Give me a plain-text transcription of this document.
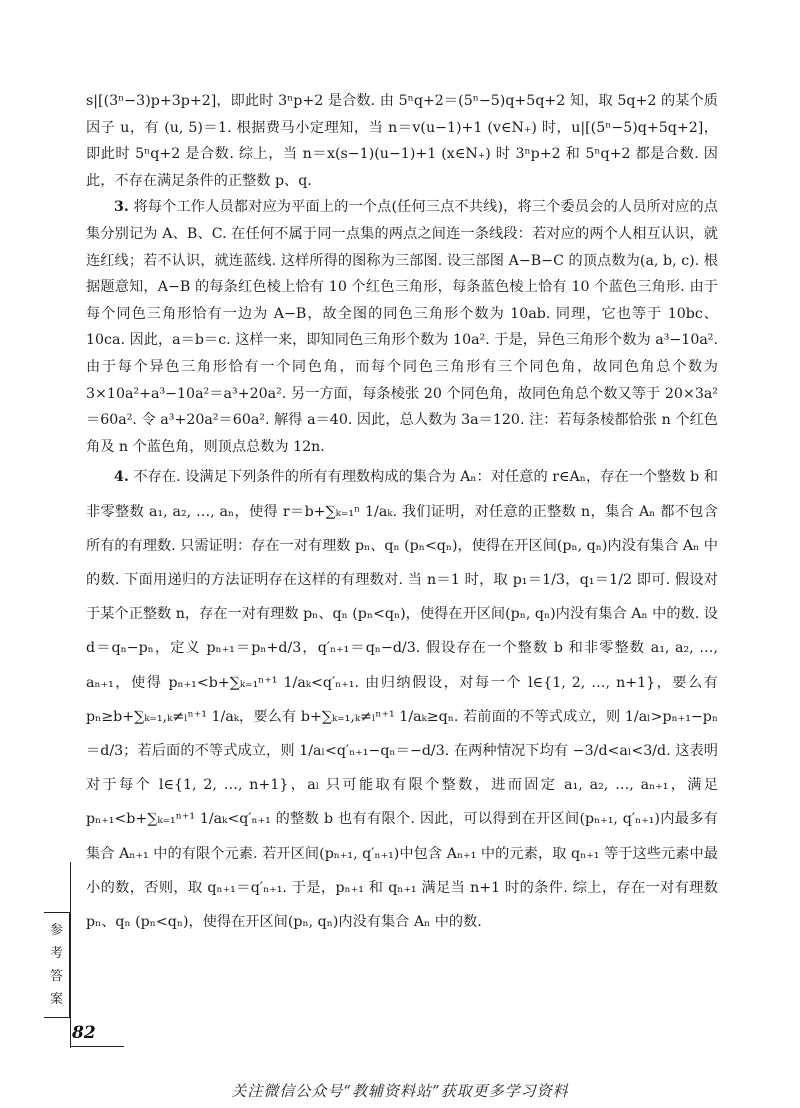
s|[(3ⁿ−3)p+3p+2]，即此时 3ⁿp+2 是合数. 由 5ⁿq+2＝(5ⁿ−5)q+5q+2 知，取 5q+2 的某个质因子 u，有 (u, 5)＝1. 根据费马小定理知，当 n＝v(u−1)+1 (v∈N₊) 时，u|[(5ⁿ−5)q+5q+2]，即此时 5ⁿq+2 是合数. 综上，当 n＝x(s−1)(u−1)+1 (x∈N₊) 时 3ⁿp+2 和 5ⁿq+2 都是合数. 因此，不存在满足条件的正整数 p、q.

3. 将每个工作人员都对应为平面上的一个点(任何三点不共线)，将三个委员会的人员所对应的点集分别记为 A、B、C. 在任何不属于同一点集的两点之间连一条线段：若对应的两个人相互认识，就连红线；若不认识，就连蓝线. 这样所得的图称为三部图. 设三部图 A−B−C 的顶点数为(a, b, c). 根据题意知，A−B 的每条红色棱上恰有 10 个红色三角形，每条蓝色棱上恰有 10 个蓝色三角形. 由于每个同色三角形恰有一边为 A−B，故全图的同色三角形个数为 10ab. 同理，它也等于 10bc、10ca. 因此，a＝b＝c. 这样一来，即知同色三角形个数为 10a². 于是，异色三角形个数为 a³−10a². 由于每个异色三角形恰有一个同色角，而每个同色三角形有三个同色角，故同色角总个数为 3×10a²+a³−10a²＝a³+20a². 另一方面，每条棱张 20 个同色角，故同色角总个数又等于 20×3a²＝60a². 令 a³+20a²＝60a². 解得 a＝40. 因此，总人数为 3a＝120. 注：若每条棱都恰张 n 个红色角及 n 个蓝色角，则顶点总数为 12n.

4. 不存在. 设满足下列条件的所有有理数构成的集合为 Aₙ：对任意的 r∈Aₙ，存在一个整数 b 和非零整数 a₁, a₂, …, aₙ，使得 r＝b+∑ₖ₌₁ⁿ 1/aₖ. 我们证明，对任意的正整数 n，集合 Aₙ 都不包含所有的有理数. 只需证明：存在一对有理数 pₙ、qₙ (pₙ<qₙ)，使得在开区间(pₙ, qₙ)内没有集合 Aₙ 中的数. 下面用递归的方法证明存在这样的有理数对. 当 n＝1 时，取 p₁＝1/3，q₁＝1/2 即可. 假设对于某个正整数 n，存在一对有理数 pₙ、qₙ (pₙ<qₙ)，使得在开区间(pₙ, qₙ)内没有集合 Aₙ 中的数. 设 d＝qₙ−pₙ，定义 pₙ₊₁＝pₙ+d/3，q′ₙ₊₁＝qₙ−d/3. 假设存在一个整数 b 和非零整数 a₁, a₂, …, aₙ₊₁，使得 pₙ₊₁<b+∑ₖ₌₁ⁿ⁺¹ 1/aₖ<q′ₙ₊₁. 由归纳假设，对每一个 l∈{1, 2, …, n+1}，要么有 pₙ≥b+∑ₖ₌₁,ₖ≠ₗⁿ⁺¹ 1/aₖ，要么有 b+∑ₖ₌₁,ₖ≠ₗⁿ⁺¹ 1/aₖ≥qₙ. 若前面的不等式成立，则 1/aₗ>pₙ₊₁−pₙ＝d/3；若后面的不等式成立，则 1/aₗ<q′ₙ₊₁−qₙ＝−d/3. 在两种情况下均有 −3/d<aₗ<3/d. 这表明对于每个 l∈{1, 2, …, n+1}，aₗ 只可能取有限个整数，进而固定 a₁, a₂, …, aₙ₊₁，满足 pₙ₊₁<b+∑ₖ₌₁ⁿ⁺¹ 1/aₖ<q′ₙ₊₁ 的整数 b 也有有限个. 因此，可以得到在开区间(pₙ₊₁, q′ₙ₊₁)内最多有集合 Aₙ₊₁ 中的有限个元素. 若开区间(pₙ₊₁, q′ₙ₊₁)中包含 Aₙ₊₁ 中的元素，取 qₙ₊₁ 等于这些元素中最小的数，否则，取 qₙ₊₁＝q′ₙ₊₁. 于是，pₙ₊₁ 和 qₙ₊₁ 满足当 n+1 时的条件. 综上，存在一对有理数 pₙ、qₙ (pₙ<qₙ)，使得在开区间(pₙ, qₙ)内没有集合 Aₙ 中的数.

参
考
答
案
82
关注微信公众号“教辅资料站”获取更多学习资料
